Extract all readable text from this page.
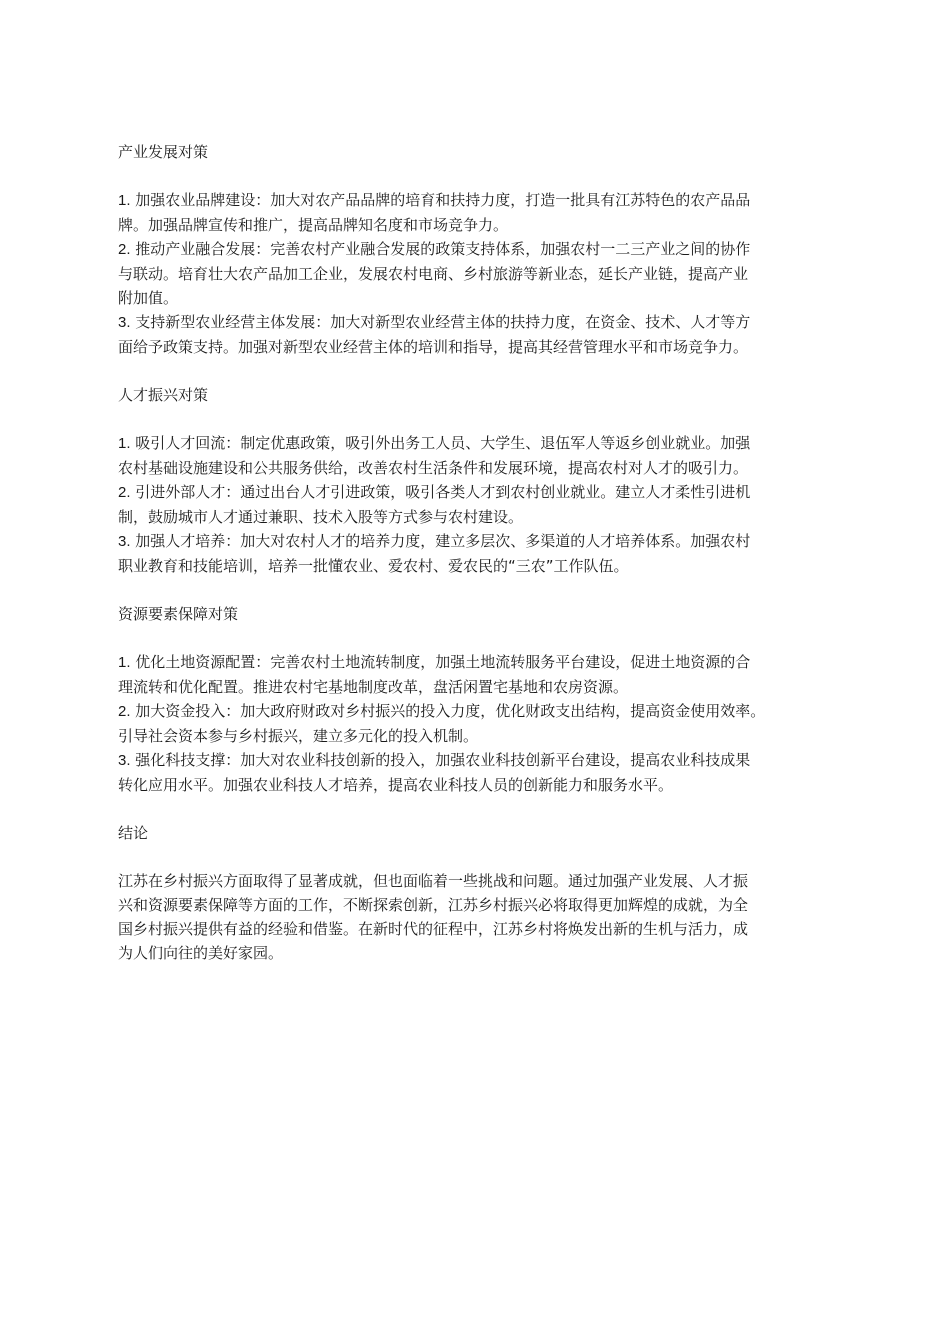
产业发展对策

1. 加强农业品牌建设：加大对农产品品牌的培育和扶持力度，打造一批具有江苏特色的农产品品
牌。加强品牌宣传和推广，提高品牌知名度和市场竞争力。

2. 推动产业融合发展：完善农村产业融合发展的政策支持体系，加强农村一二三产业之间的协作
与联动。培育壮大农产品加工企业，发展农村电商、乡村旅游等新业态，延长产业链，提高产业
附加值。

3. 支持新型农业经营主体发展：加大对新型农业经营主体的扶持力度，在资金、技术、人才等方
面给予政策支持。加强对新型农业经营主体的培训和指导，提高其经营管理水平和市场竞争力。

人才振兴对策

1. 吸引人才回流：制定优惠政策，吸引外出务工人员、大学生、退伍军人等返乡创业就业。加强
农村基础设施建设和公共服务供给，改善农村生活条件和发展环境，提高农村对人才的吸引力。

2. 引进外部人才：通过出台人才引进政策，吸引各类人才到农村创业就业。建立人才柔性引进机
制，鼓励城市人才通过兼职、技术入股等方式参与农村建设。

3. 加强人才培养：加大对农村人才的培养力度，建立多层次、多渠道的人才培养体系。加强农村
职业教育和技能培训，培养一批懂农业、爱农村、爱农民的“三农”工作队伍。

资源要素保障对策

1. 优化土地资源配置：完善农村土地流转制度，加强土地流转服务平台建设，促进土地资源的合
理流转和优化配置。推进农村宅基地制度改革，盘活闲置宅基地和农房资源。

2. 加大资金投入：加大政府财政对乡村振兴的投入力度，优化财政支出结构，提高资金使用效率。
引导社会资本参与乡村振兴，建立多元化的投入机制。

3. 强化科技支撑：加大对农业科技创新的投入，加强农业科技创新平台建设，提高农业科技成果
转化应用水平。加强农业科技人才培养，提高农业科技人员的创新能力和服务水平。

结论

江苏在乡村振兴方面取得了显著成就，但也面临着一些挑战和问题。通过加强产业发展、人才振
兴和资源要素保障等方面的工作，不断探索创新，江苏乡村振兴必将取得更加辉煌的成就，为全
国乡村振兴提供有益的经验和借鉴。在新时代的征程中，江苏乡村将焕发出新的生机与活力，成
为人们向往的美好家园。
